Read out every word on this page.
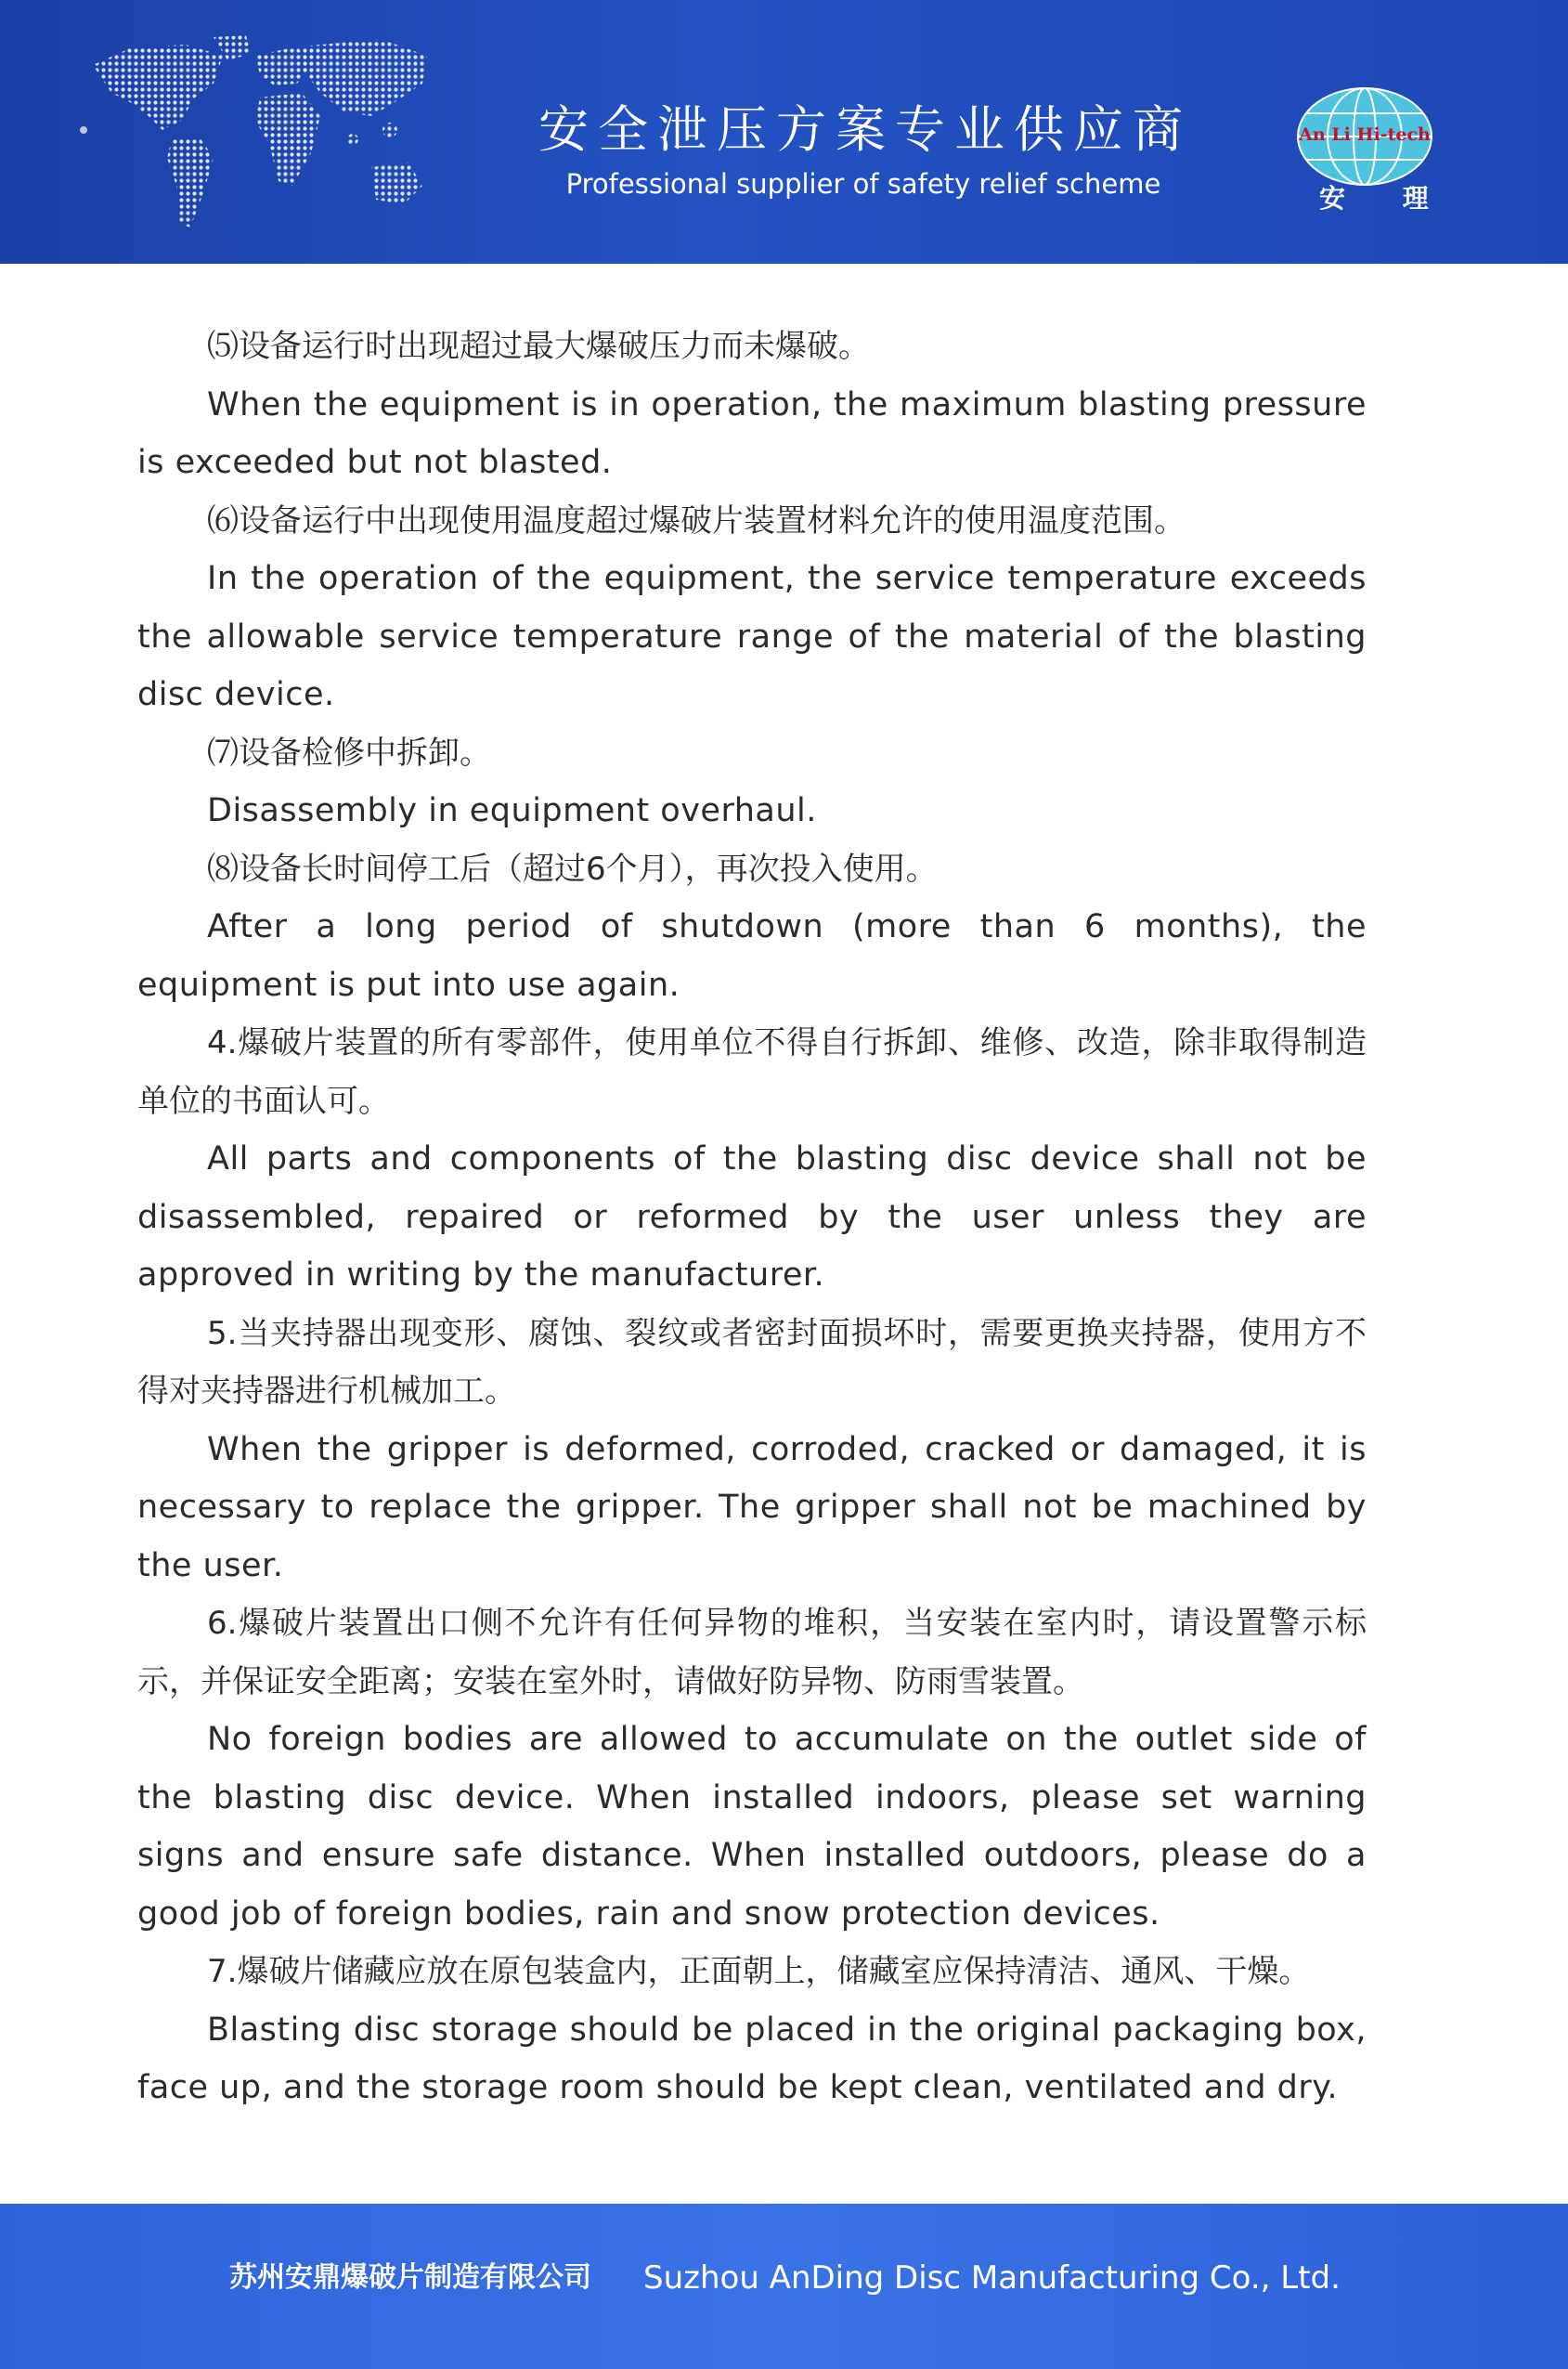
安全泄压方案专业供应商
Professional supplier of safety relief scheme
An Li Hi-tech
安 理

⑸设备运行时出现超过最大爆破压力而未爆破。

When the equipment is in operation, the maximum blasting pressure is exceeded but not blasted.

⑹设备运行中出现使用温度超过爆破片装置材料允许的使用温度范围。

In the operation of the equipment, the service temperature exceeds the allowable service temperature range of the material of the blasting disc device.

⑺设备检修中拆卸。

Disassembly in equipment overhaul.

⑻设备长时间停工后（超过6个月），再次投入使用。

After a long period of shutdown (more than 6 months), the equipment is put into use again.

4.爆破片装置的所有零部件，使用单位不得自行拆卸、维修、改造，除非取得制造单位的书面认可。

All parts and components of the blasting disc device shall not be disassembled, repaired or reformed by the user unless they are approved in writing by the manufacturer.

5.当夹持器出现变形、腐蚀、裂纹或者密封面损坏时，需要更换夹持器，使用方不得对夹持器进行机械加工。

When the gripper is deformed, corroded, cracked or damaged, it is necessary to replace the gripper. The gripper shall not be machined by the user.

6.爆破片装置出口侧不允许有任何异物的堆积，当安装在室内时，请设置警示标示，并保证安全距离；安装在室外时，请做好防异物、防雨雪装置。

No foreign bodies are allowed to accumulate on the outlet side of the blasting disc device. When installed indoors, please set warning signs and ensure safe distance. When installed outdoors, please do a good job of foreign bodies, rain and snow protection devices.

7.爆破片储藏应放在原包装盒内，正面朝上，储藏室应保持清洁、通风、干燥。

Blasting disc storage should be placed in the original packaging box, face up, and the storage room should be kept clean, ventilated and dry.

苏州安鼎爆破片制造有限公司 Suzhou AnDing Disc Manufacturing Co., Ltd.
